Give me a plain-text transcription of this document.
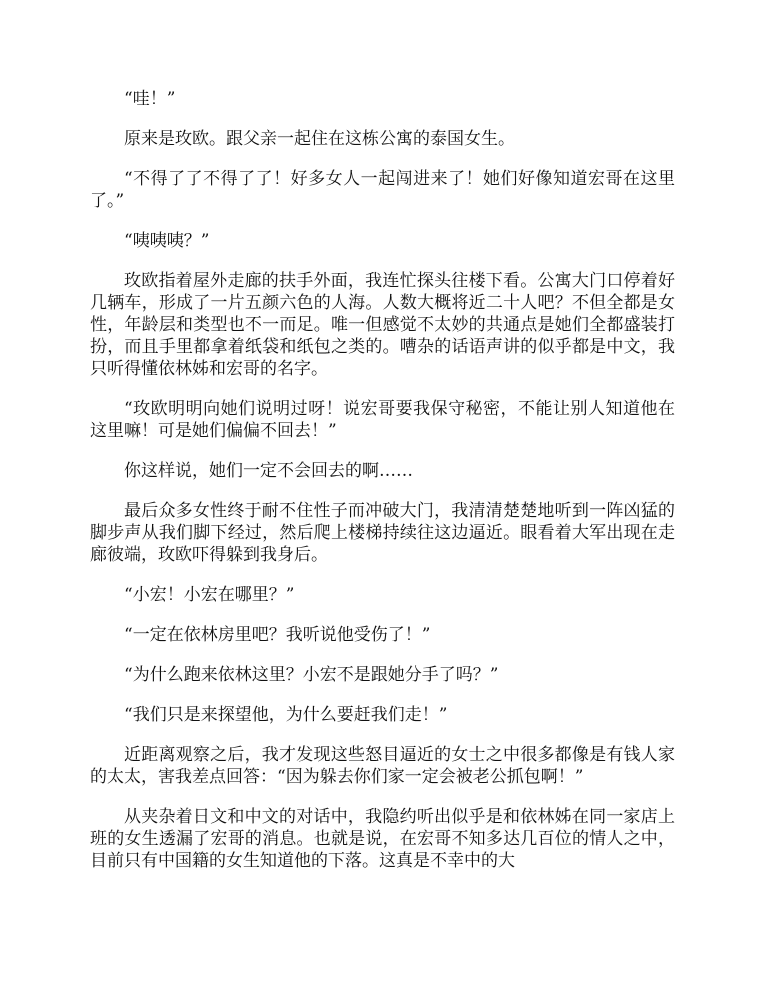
“哇！”

原来是玫欧。跟父亲一起住在这栋公寓的泰国女生。

“不得了了不得了了！好多女人一起闯进来了！她们好像知道宏哥在这里了。”

“咦咦咦？”

玫欧指着屋外走廊的扶手外面，我连忙探头往楼下看。公寓大门口停着好几辆车，形成了一片五颜六色的人海。人数大概将近二十人吧？不但全都是女性，年龄层和类型也不一而足。唯一但感觉不太妙的共通点是她们全都盛装打扮，而且手里都拿着纸袋和纸包之类的。嘈杂的话语声讲的似乎都是中文，我只听得懂依林姊和宏哥的名字。

“玫欧明明向她们说明过呀！说宏哥要我保守秘密，不能让别人知道他在这里嘛！可是她们偏偏不回去！”

你这样说，她们一定不会回去的啊……

最后众多女性终于耐不住性子而冲破大门，我清清楚楚地听到一阵凶猛的脚步声从我们脚下经过，然后爬上楼梯持续往这边逼近。眼看着大军出现在走廊彼端，玫欧吓得躲到我身后。

“小宏！小宏在哪里？”

“一定在依林房里吧？我听说他受伤了！”

“为什么跑来依林这里？小宏不是跟她分手了吗？”

“我们只是来探望他，为什么要赶我们走！”

近距离观察之后，我才发现这些怒目逼近的女士之中很多都像是有钱人家的太太，害我差点回答：“因为躲去你们家一定会被老公抓包啊！”

从夹杂着日文和中文的对话中，我隐约听出似乎是和依林姊在同一家店上班的女生透漏了宏哥的消息。也就是说，在宏哥不知多达几百位的情人之中，目前只有中国籍的女生知道他的下落。这真是不幸中的大
